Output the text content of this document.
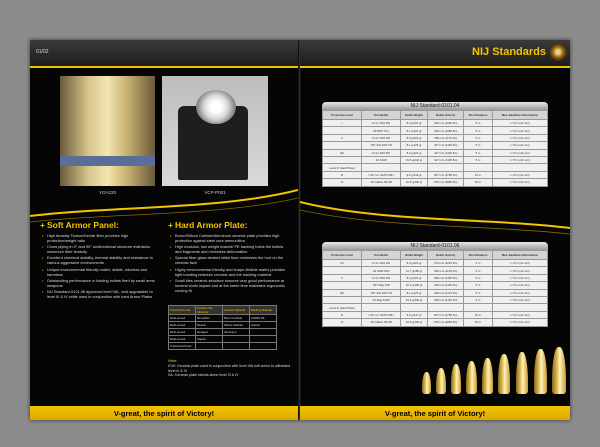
01/02
YGA220	VCP-P001
+ Soft Armor Panel:
• High tenacity Twaron/Kevlar fiber provides high protection/weight ratio
• Cross plying in 0° and 90° unidirectional structure maintains maximum fiber tenacity
• Excellent chemical stability, thermal stability and resistance to various aggressive environments
• Unique environmental friendly matrix, stable, odorless and harmless
• Outstanding performance in holding bullets fired by small arms weapons
• NIJ Standard-0101.06 approved level IIIA , and upgradable to level III & IV while used in conjunction with hard Armor Plates
+ Hard Armor Plate:
• Boron/Silicon Carbide/Aluminum ceramic plate provides high protection against steel core ammunition
• High modulus, low weight Aramid/ PE backing holds the bullets and fragments and minimizes deformation
• Special fiber glass treated strike face minimizes the hurt on the ceramic face
• Highly environmental friendly and shape-flexible matrix provides tight bonding between ceramic and the backing material
• Small tiles ceramic structure ensures very good performance at several shots impact and at the same time maintains ergonomic curving fit
Protection Level	Ceramic Tile Structure	Ceramic Material	Backing Material
Multi-curved	Monolithic	Boron Carbide	UHMW PE
Multi-curved	Mosaic	Silicon Carbide	Aramid
Multi-curved	Hexagon	Aluminum	
Multi-curved	Square		
Customized level			
Note:
ICW: Ceramic plate used in conjunction with level IIIA soft armor to withstand level III & IV
SA: Ceramic plate stands alone level III & IV
V-great, the spirit of Victory!
NIJ Standards
NIJ Standard-0101.04
Protection Level	Test Bullet	Bullet Weight	Bullet Velocity	Shot Distance	Max. Backface Deformation
I	9 mm FMJ RN	8.0 g/124 gr	332 m/s (1090 ft/s)	5 m	1.73 in (44 mm)
	.38 RNP Trho	8.1 g/124 gr	329 m/s (1080 ft/s)	5 m	1.73 in (44 mm)
II	9 mm FMJ RN	8.0 g/124 gr	358 m/s (1175 ft/s)	5 m	1.73 in (44 mm)
	.357 SIG FMJ FN	8.1 g/125 gr	427 m/s (1400 ft/s)	5 m	1.73 in (44 mm)
IIIA	9 mm FMJ RN	8.0 g/124 gr	427 m/s (1400 ft/s)	5 m	1.73 in (44 mm)
	.44 SJHP	15.6 g/240 gr	427 m/s (1400 ft/s)	5 m	1.73 in (44 mm)
Level III (Hard Plate)					
III	7.62 mm NATO FMJ	9.6 g/148 gr	847 m/s (2780 ft/s)	15 m	1.73 in (44 mm)
IV	.30 Caliber M2 AP	10.8 g/166 gr	878 m/s (2880 ft/s)	15 m	1.73 in (44 mm)
NIJ Standard-0101.06
Protection Level	Test Bullet	Bullet Weight	Bullet Velocity	Shot Distance	Max. Backface Deformation
IIA	9 mm FMJ RN	8.0 g/124 gr	373 m/s (1225 ft/s)	5 m	1.73 in (44 mm)
	.40 S&W FMJ	11.7 g/180 gr	352 m/s (1155 ft/s)	5 m	1.73 in (44 mm)
II	9 mm FMJ RN	8.0 g/124 gr	398 m/s (1305 ft/s)	5 m	1.73 in (44 mm)
	.357 Mag JSP	10.2 g/158 gr	436 m/s (1430 ft/s)	5 m	1.73 in (44 mm)
IIIA	.357 SIG FMJ FN	8.1 g/125 gr	448 m/s (1470 ft/s)	5 m	1.73 in (44 mm)
	.44 Mag SJHP	15.6 g/240 gr	436 m/s (1430 ft/s)	5 m	1.73 in (44 mm)
Level III (Hard Plate)					
III	7.62 mm NATO FMJ	9.6 g/147 gr	847 m/s (2780 ft/s)	15 m	1.73 in (44 mm)
IV	.30 Caliber M2 AP	10.8 g/166 gr	878 m/s (2880 ft/s)	15 m	1.73 in (44 mm)
V-great, the spirit of Victory!
